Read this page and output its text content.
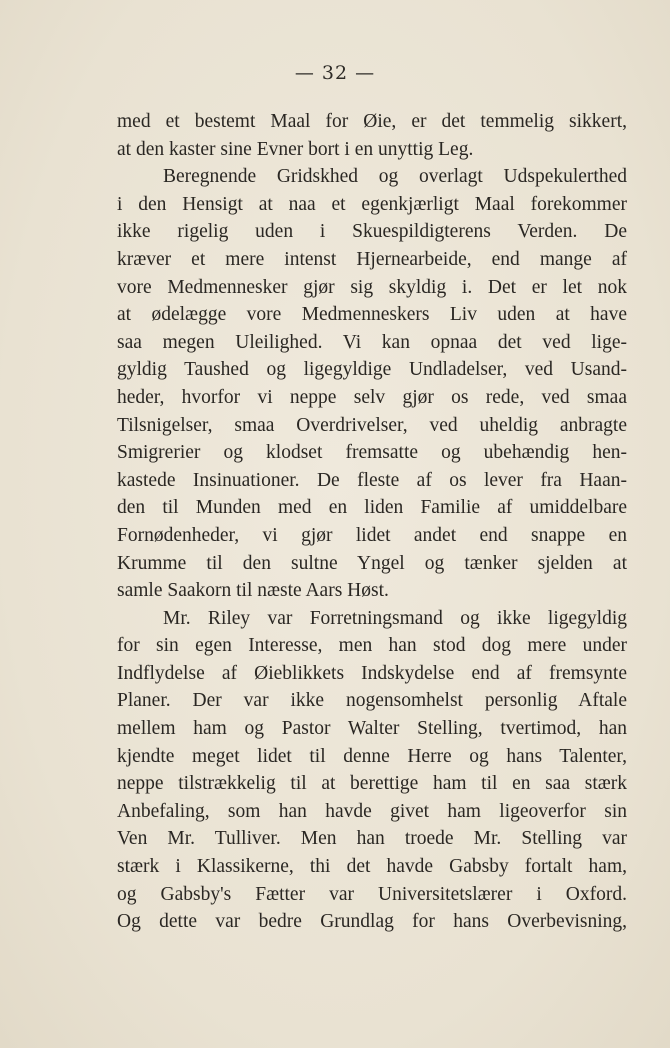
— 32 —
med et bestemt Maal for Øie, er det temmelig sikkert,
at den kaster sine Evner bort i en unyttig Leg.
Beregnende Gridskhed og overlagt Udspekulerthed
i den Hensigt at naa et egenkjærligt Maal forekommer
ikke rigelig uden i Skuespildigterens Verden. De
kræver et mere intenst Hjernearbeide, end mange af
vore Medmennesker gjør sig skyldig i. Det er let nok
at ødelægge vore Medmenneskers Liv uden at have
saa megen Uleilighed. Vi kan opnaa det ved lige-
gyldig Taushed og ligegyldige Undladelser, ved Usand-
heder, hvorfor vi neppe selv gjør os rede, ved smaa
Tilsnigelser, smaa Overdrivelser, ved uheldig anbragte
Smigrerier og klodset fremsatte og ubehændig hen-
kastede Insinuationer. De fleste af os lever fra Haan-
den til Munden med en liden Familie af umiddelbare
Fornødenheder, vi gjør lidet andet end snappe en
Krumme til den sultne Yngel og tænker sjelden at
samle Saakorn til næste Aars Høst.
Mr. Riley var Forretningsmand og ikke ligegyldig
for sin egen Interesse, men han stod dog mere under
Indflydelse af Øieblikkets Indskydelse end af fremsynte
Planer. Der var ikke nogensomhelst personlig Aftale
mellem ham og Pastor Walter Stelling, tvertimod, han
kjendte meget lidet til denne Herre og hans Talenter,
neppe tilstrækkelig til at berettige ham til en saa stærk
Anbefaling, som han havde givet ham ligeoverfor sin
Ven Mr. Tulliver. Men han troede Mr. Stelling var
stærk i Klassikerne, thi det havde Gabsby fortalt ham,
og Gabsby's Fætter var Universitetslærer i Oxford.
Og dette var bedre Grundlag for hans Overbevisning,
